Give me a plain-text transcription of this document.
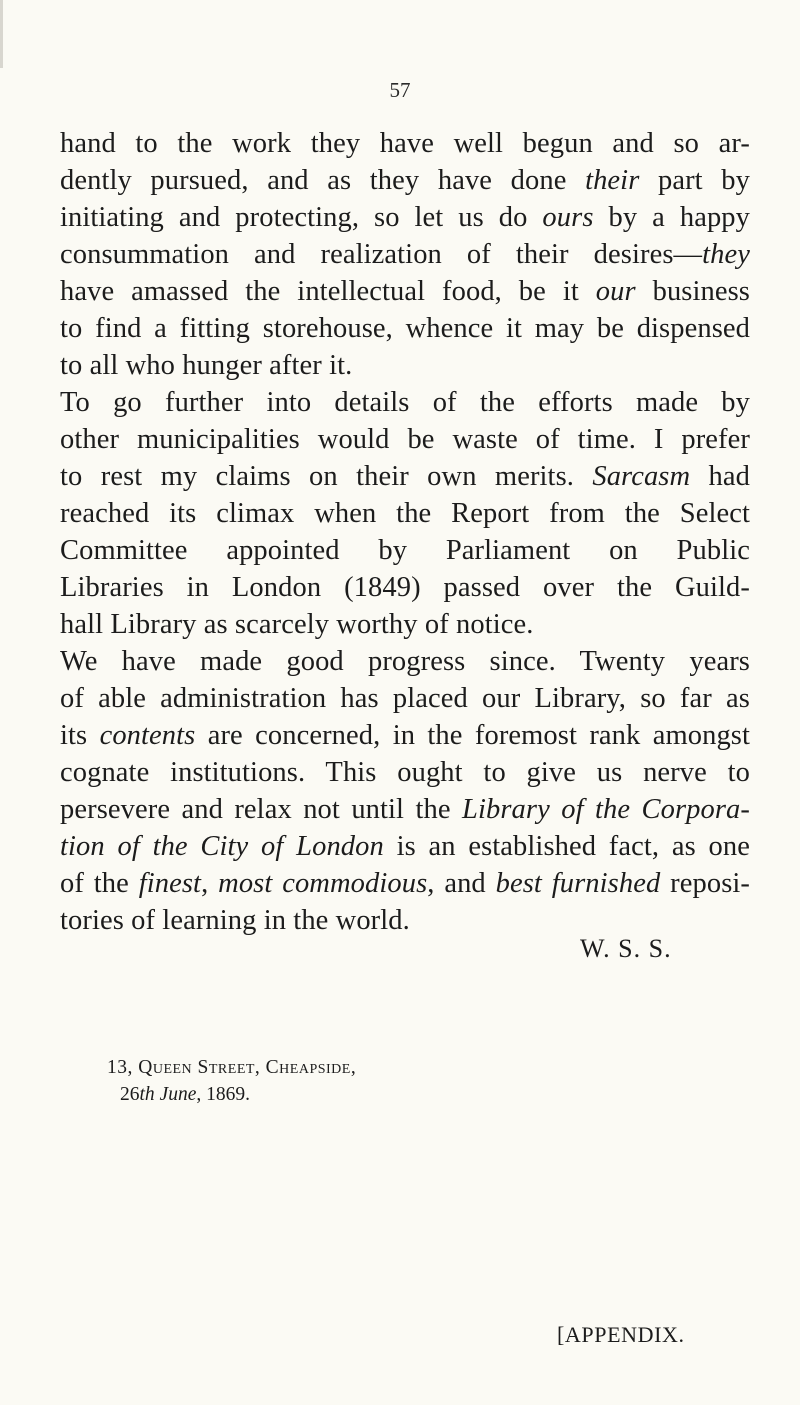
57
hand to the work they have well begun and so ar-
dently pursued, and as they have done their part by
initiating and protecting, so let us do ours by a happy
consummation and realization of their desires—they
have amassed the intellectual food, be it our business
to find a fitting storehouse, whence it may be dispensed
to all who hunger after it.
To go further into details of the efforts made by
other municipalities would be waste of time. I prefer
to rest my claims on their own merits. Sarcasm had
reached its climax when the Report from the Select
Committee appointed by Parliament on Public
Libraries in London (1849) passed over the Guild-
hall Library as scarcely worthy of notice.
We have made good progress since. Twenty years
of able administration has placed our Library, so far as
its contents are concerned, in the foremost rank amongst
cognate institutions. This ought to give us nerve to
persevere and relax not until the Library of the Corpora-
tion of the City of London is an established fact, as one
of the finest, most commodious, and best furnished reposi-
tories of learning in the world.
W. S. S.
13, Queen Street, Cheapside,
26th June, 1869.
[APPENDIX.
